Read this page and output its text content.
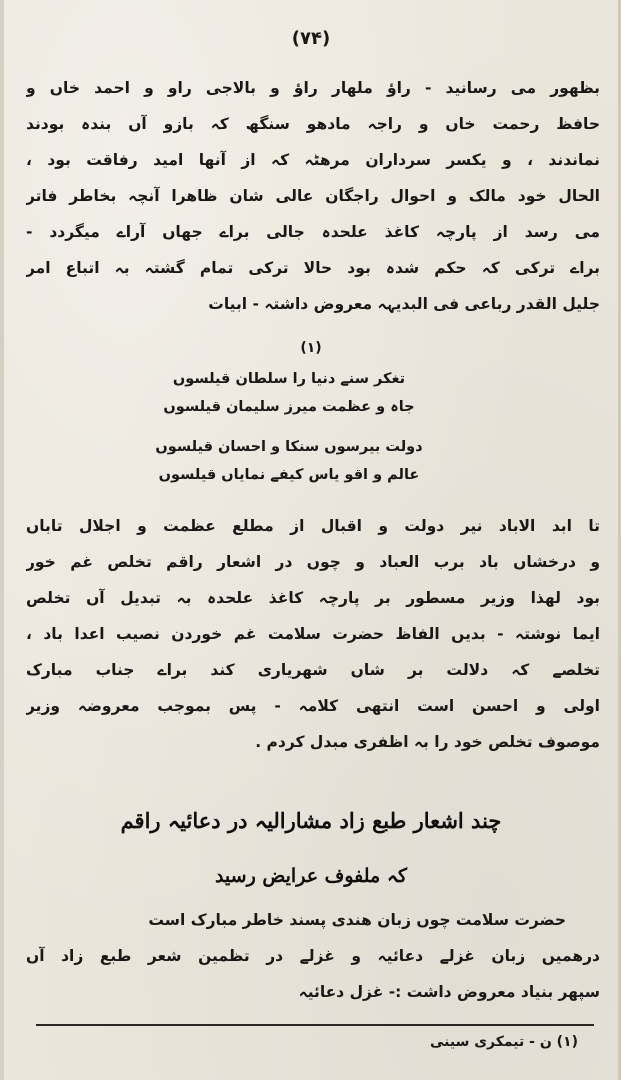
(۷۴)
بظهور می رسانید - راؤ ملهار راؤ و بالاجی راو و احمد خاں و
حافظ رحمت خاں و راجہ مادهو سنگھ کہ بازو آں بندہ بودند
نماندند ، و یکسر سرداران مرهٹہ کہ از آنها امید رفاقت بود ،
الحال خود مالک و احوال راجگان عالی شان ظاهرا آنچہ بخاطر فاتر
می رسد از پارچہ کاغذ علحدہ جالی براے جهاں آراے میگردد -
براے ترکی کہ حکم شدہ بود حالا ترکی تمام گشتہ بہ اتباع امر
جلیل القدر رباعی فی البدیہہ معروض داشتہ - ابیات
(۱)
تغکر سنے دنیا را سلطان قیلسوں
جاہ و عظمت میرز سلیمان قیلسوں
دولت بیرسوں سنکا و احسان قیلسوں
عالم و اقو یاس کیفے نمایاں قیلسوں
تا ابد الاباد نیر دولت و اقبال از مطلع عظمت و اجلال تاباں
و درخشاں باد برب العباد و چوں در اشعار راقم تخلص غم خور
بود لهذا وزیر مسطور بر پارچہ کاغذ علحدہ بہ تبدیل آں تخلص
ایما نوشتہ - بدیں الفاظ حضرت سلامت غم خوردن نصیب اعدا باد ،
تخلصے کہ دلالت بر شاں شهریاری کند براے جناب مبارک
اولی و احسن است انتهی کلامہ - پس بموجب معروضہ وزیر
موصوف تخلص خود را بہ اظفری مبدل کردم .
چند اشعار طبع زاد مشارالیہ در دعائیہ راقم
کہ ملفوف عرایض رسید
حضرت سلامت چوں زبان هندی پسند خاطر مبارک است
درهمیں زبان غزلے دعائیہ و غزلے در تظمین شعر طبع زاد آں
سپهر بنیاد معروض داشت :- غزل دعائیہ
(۱) ن - تیمکری سینی
